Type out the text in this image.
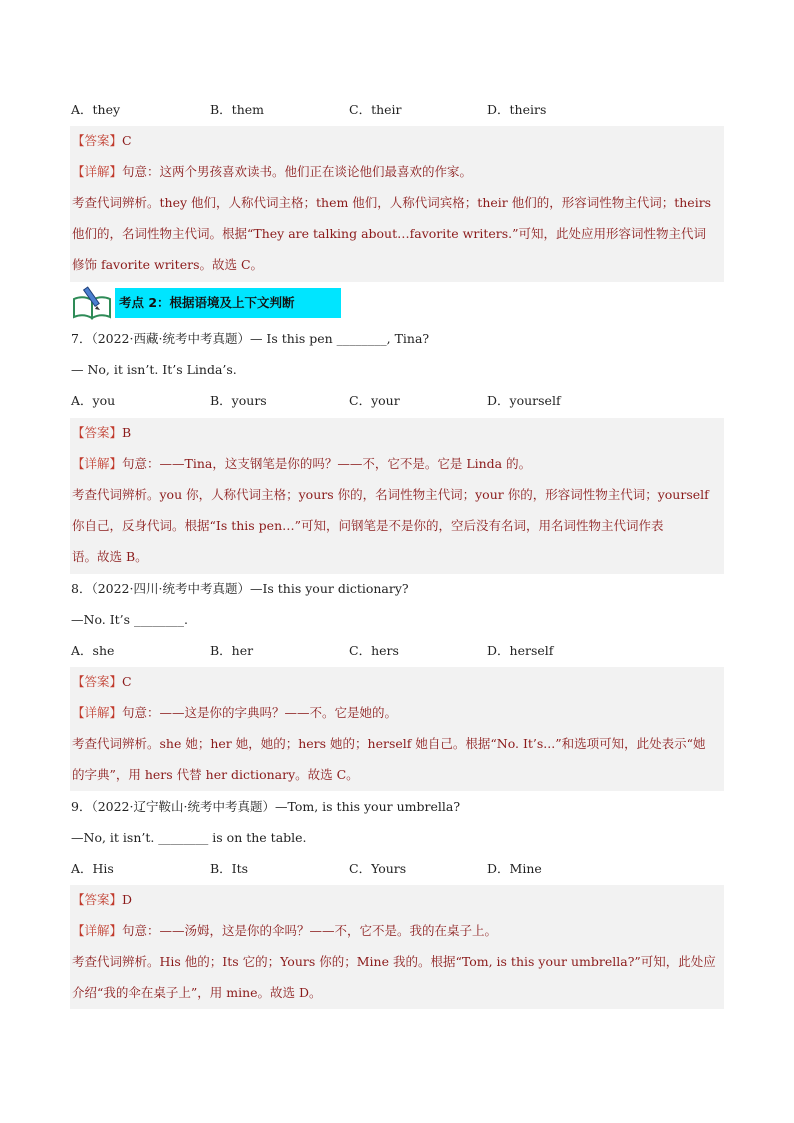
A．they	B．them	C．their	D．theirs
【答案】C
【详解】句意：这两个男孩喜欢读书。他们正在谈论他们最喜欢的作家。
考查代词辨析。they 他们，人称代词主格；them 他们，人称代词宾格；their 他们的，形容词性物主代词；theirs
他们的，名词性物主代词。根据“They are talking about…favorite writers.”可知，此处应用形容词性物主代词
修饰 favorite writers。故选 C。
考点 2：根据语境及上下文判断
7．（2022·西藏·统考中考真题）— Is this pen ________, Tina?
— No, it isn’t. It’s Linda’s.
A．you	B．yours	C．your	D．yourself
【答案】B
【详解】句意：——Tina，这支钢笔是你的吗？——不，它不是。它是 Linda 的。
考查代词辨析。you 你，人称代词主格；yours 你的，名词性物主代词；your 你的，形容词性物主代词；yourself
你自己，反身代词。根据“Is this pen…”可知，问钢笔是不是你的，空后没有名词，用名词性物主代词作表
语。故选 B。
8．（2022·四川·统考中考真题）—Is this your dictionary?
—No. It’s ________.
A．she	B．her	C．hers	D．herself
【答案】C
【详解】句意：——这是你的字典吗？——不。它是她的。
考查代词辨析。she 她；her 她，她的；hers 她的；herself 她自己。根据“No. It’s...”和选项可知，此处表示“她
的字典”，用 hers 代替 her dictionary。故选 C。
9．（2022·辽宁鞍山·统考中考真题）—Tom, is this your umbrella?
—No, it isn’t. ________ is on the table.
A．His	B．Its	C．Yours	D．Mine
【答案】D
【详解】句意：——汤姆，这是你的伞吗？——不，它不是。我的在桌子上。
考查代词辨析。His 他的；Its 它的；Yours 你的；Mine 我的。根据“Tom, is this your umbrella?”可知，此处应
介绍“我的伞在桌子上”，用 mine。故选 D。
